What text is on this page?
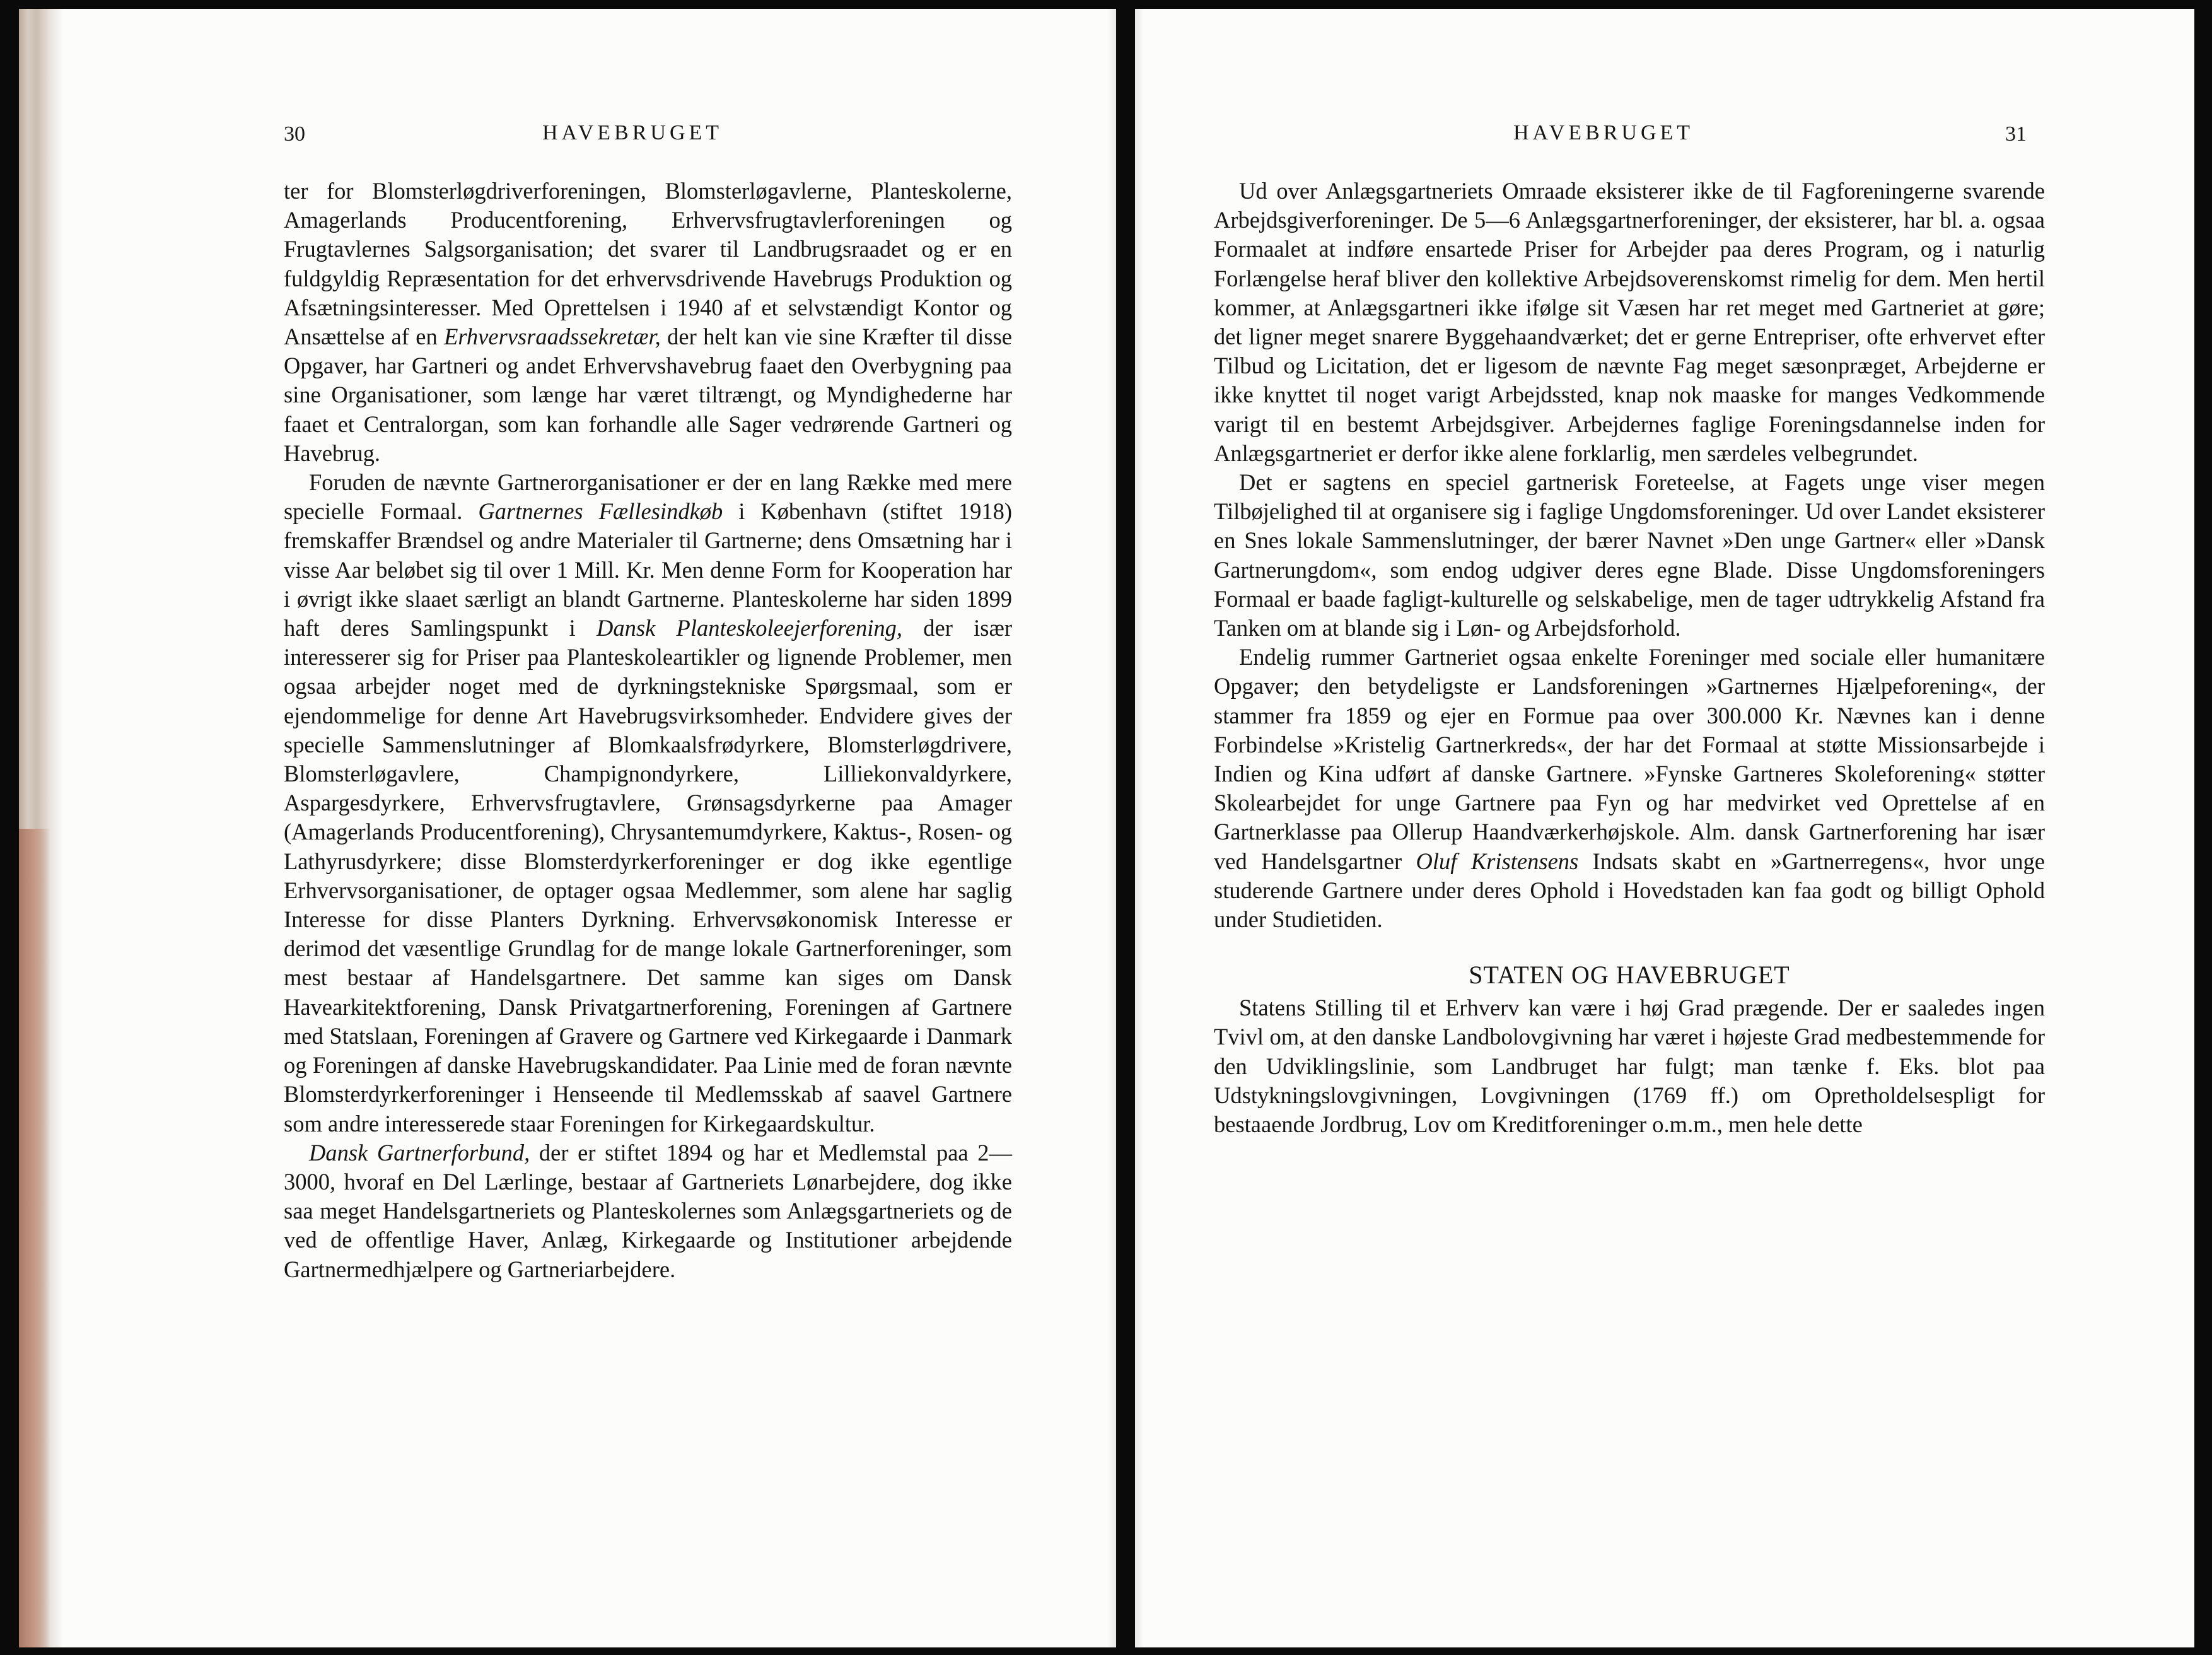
30	HAVEBRUGET

ter for Blomsterløgdriverforeningen, Blomsterløgavlerne, Planteskolerne, Amagerlands Producentforening, Erhvervsfrugtavlerforeningen og Frugtavlernes Salgsorganisation; det svarer til Landbrugsraadet og er en fuldgyldig Repræsentation for det erhvervsdrivende Havebrugs Produktion og Afsætningsinteresser. Med Oprettelsen i 1940 af et selvstændigt Kontor og Ansættelse af en Erhvervsraadssekretær, der helt kan vie sine Kræfter til disse Opgaver, har Gartneri og andet Erhvervshavebrug faaet den Overbygning paa sine Organisationer, som længe har været tiltrængt, og Myndighederne har faaet et Centralorgan, som kan forhandle alle Sager vedrørende Gartneri og Havebrug.

Foruden de nævnte Gartnerorganisationer er der en lang Række med mere specielle Formaal. Gartnernes Fællesindkøb i København (stiftet 1918) fremskaffer Brændsel og andre Materialer til Gartnerne; dens Omsætning har i visse Aar beløbet sig til over 1 Mill. Kr. Men denne Form for Kooperation har i øvrigt ikke slaaet særligt an blandt Gartnerne. Planteskolerne har siden 1899 haft deres Samlingspunkt i Dansk Planteskoleejerforening, der især interesserer sig for Priser paa Planteskoleartikler og lignende Problemer, men ogsaa arbejder noget med de dyrkningstekniske Spørgsmaal, som er ejendommelige for denne Art Havebrugsvirksomheder. Endvidere gives der specielle Sammenslutninger af Blomkaalsfrødyrkere, Blomsterløgdrivere, Blomsterløgavlere, Champignondyrkere, Lilliekonvaldyrkere, Aspargesdyrkere, Erhvervsfrugtavlere, Grønsagsdyrkerne paa Amager (Amagerlands Producentforening), Chrysantemumdyrkere, Kaktus-, Rosen- og Lathyrusdyrkere; disse Blomsterdyrkerforeninger er dog ikke egentlige Erhvervsorganisationer, de optager ogsaa Medlemmer, som alene har saglig Interesse for disse Planters Dyrkning. Erhvervsøkonomisk Interesse er derimod det væsentlige Grundlag for de mange lokale Gartnerforeninger, som mest bestaar af Handelsgartnere. Det samme kan siges om Dansk Havearkitektforening, Dansk Privatgartnerforening, Foreningen af Gartnere med Statslaan, Foreningen af Gravere og Gartnere ved Kirkegaarde i Danmark og Foreningen af danske Havebrugskandidater. Paa Linie med de foran nævnte Blomsterdyrkerforeninger i Henseende til Medlemsskab af saavel Gartnere som andre interesserede staar Foreningen for Kirkegaardskultur.

Dansk Gartnerforbund, der er stiftet 1894 og har et Medlemstal paa 2—3000, hvoraf en Del Lærlinge, bestaar af Gartneriets Lønarbejdere, dog ikke saa meget Handelsgartneriets og Planteskolernes som Anlægsgartneriets og de ved de offentlige Haver, Anlæg, Kirkegaarde og Institutioner arbejdende Gartnermedhjælpere og Gartneriarbejdere.

HAVEBRUGET	31

Ud over Anlægsgartneriets Omraade eksisterer ikke de til Fagforeningerne svarende Arbejdsgiverforeninger. De 5—6 Anlægsgartnerforeninger, der eksisterer, har bl. a. ogsaa Formaalet at indføre ensartede Priser for Arbejder paa deres Program, og i naturlig Forlængelse heraf bliver den kollektive Arbejdsoverenskomst rimelig for dem. Men hertil kommer, at Anlægsgartneri ikke ifølge sit Væsen har ret meget med Gartneriet at gøre; det ligner meget snarere Byggehaandværket; det er gerne Entrepriser, ofte erhvervet efter Tilbud og Licitation, det er ligesom de nævnte Fag meget sæsonpræget, Arbejderne er ikke knyttet til noget varigt Arbejdssted, knap nok maaske for manges Vedkommende varigt til en bestemt Arbejdsgiver. Arbejdernes faglige Foreningsdannelse inden for Anlægsgartneriet er derfor ikke alene forklarlig, men særdeles velbegrundet.

Det er sagtens en speciel gartnerisk Foreteelse, at Fagets unge viser megen Tilbøjelighed til at organisere sig i faglige Ungdomsforeninger. Ud over Landet eksisterer en Snes lokale Sammenslutninger, der bærer Navnet »Den unge Gartner« eller »Dansk Gartnerungdom«, som endog udgiver deres egne Blade. Disse Ungdomsforeningers Formaal er baade fagligt-kulturelle og selskabelige, men de tager udtrykkelig Afstand fra Tanken om at blande sig i Løn- og Arbejdsforhold.

Endelig rummer Gartneriet ogsaa enkelte Foreninger med sociale eller humanitære Opgaver; den betydeligste er Landsforeningen »Gartnernes Hjælpeforening«, der stammer fra 1859 og ejer en Formue paa over 300.000 Kr. Nævnes kan i denne Forbindelse »Kristelig Gartnerkreds«, der har det Formaal at støtte Missionsarbejde i Indien og Kina udført af danske Gartnere. »Fynske Gartneres Skoleforening« støtter Skolearbejdet for unge Gartnere paa Fyn og har medvirket ved Oprettelse af en Gartnerklasse paa Ollerup Haandværkerhøjskole. Alm. dansk Gartnerforening har især ved Handelsgartner Oluf Kristensens Indsats skabt en »Gartnerregens«, hvor unge studerende Gartnere under deres Ophold i Hovedstaden kan faa godt og billigt Ophold under Studietiden.

STATEN OG HAVEBRUGET

Statens Stilling til et Erhverv kan være i høj Grad prægende. Der er saaledes ingen Tvivl om, at den danske Landbolovgivning har været i højeste Grad medbestemmende for den Udviklingslinie, som Landbruget har fulgt; man tænke f. Eks. blot paa Udstykningslovgivningen, Lovgivningen (1769 ff.) om Opretholdelsespligt for bestaaende Jordbrug, Lov om Kreditforeninger o.m.m., men hele dette
